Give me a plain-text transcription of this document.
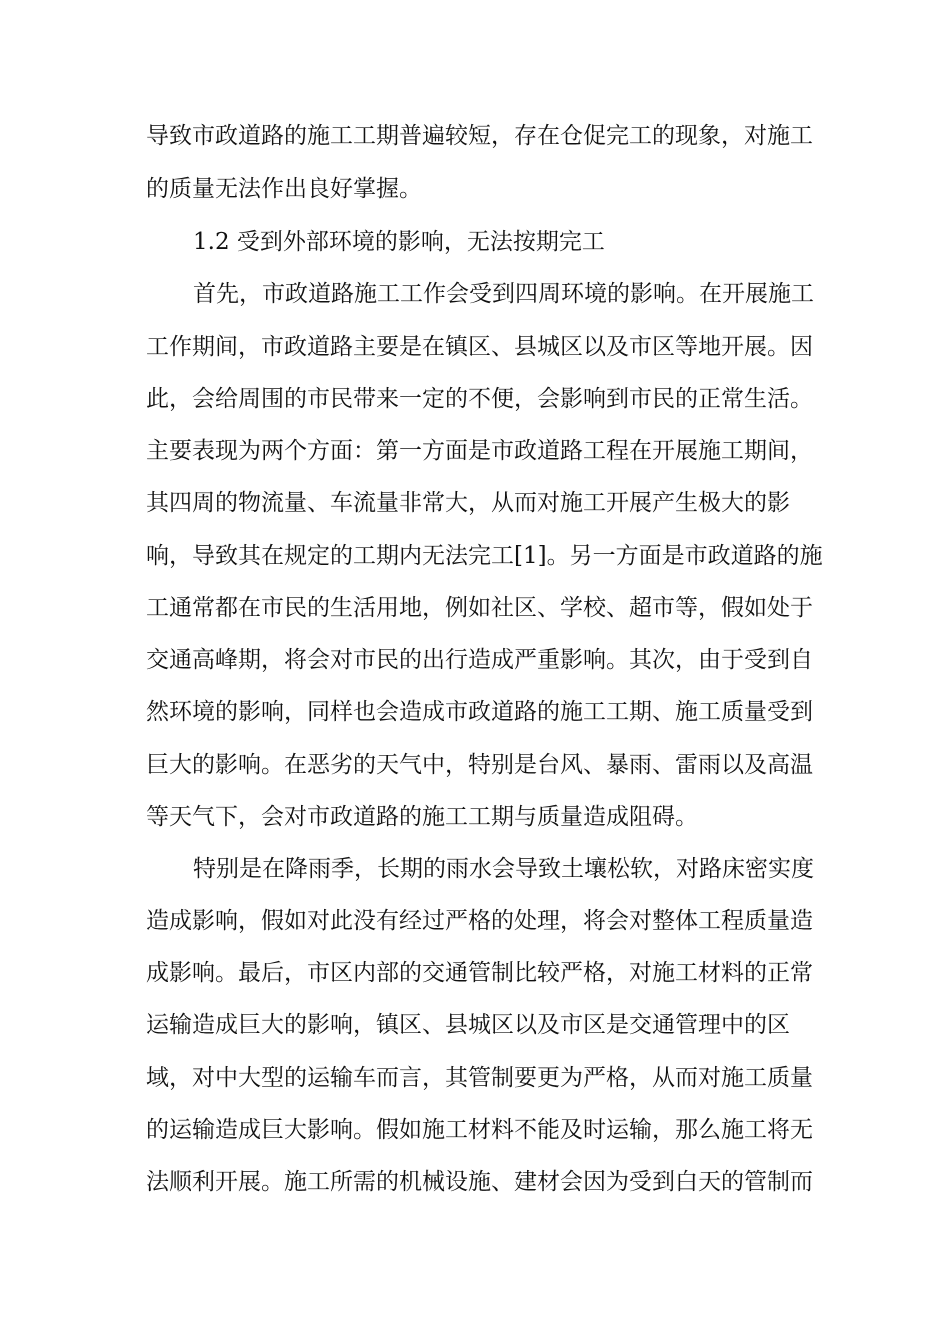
导致市政道路的施工工期普遍较短，存在仓促完工的现象，对施工
的质量无法作出良好掌握。
1.2 受到外部环境的影响，无法按期完工
首先，市政道路施工工作会受到四周环境的影响。在开展施工
工作期间，市政道路主要是在镇区、县城区以及市区等地开展。因
此，会给周围的市民带来一定的不便，会影响到市民的正常生活。
主要表现为两个方面：第一方面是市政道路工程在开展施工期间，
其四周的物流量、车流量非常大，从而对施工开展产生极大的影
响，导致其在规定的工期内无法完工[1]。另一方面是市政道路的施
工通常都在市民的生活用地，例如社区、学校、超市等，假如处于
交通高峰期，将会对市民的出行造成严重影响。其次，由于受到自
然环境的影响，同样也会造成市政道路的施工工期、施工质量受到
巨大的影响。在恶劣的天气中，特别是台风、暴雨、雷雨以及高温
等天气下，会对市政道路的施工工期与质量造成阻碍。
特别是在降雨季，长期的雨水会导致土壤松软，对路床密实度
造成影响，假如对此没有经过严格的处理，将会对整体工程质量造
成影响。最后，市区内部的交通管制比较严格，对施工材料的正常
运输造成巨大的影响，镇区、县城区以及市区是交通管理中的区
域，对中大型的运输车而言，其管制要更为严格，从而对施工质量
的运输造成巨大影响。假如施工材料不能及时运输，那么施工将无
法顺利开展。施工所需的机械设施、建材会因为受到白天的管制而
